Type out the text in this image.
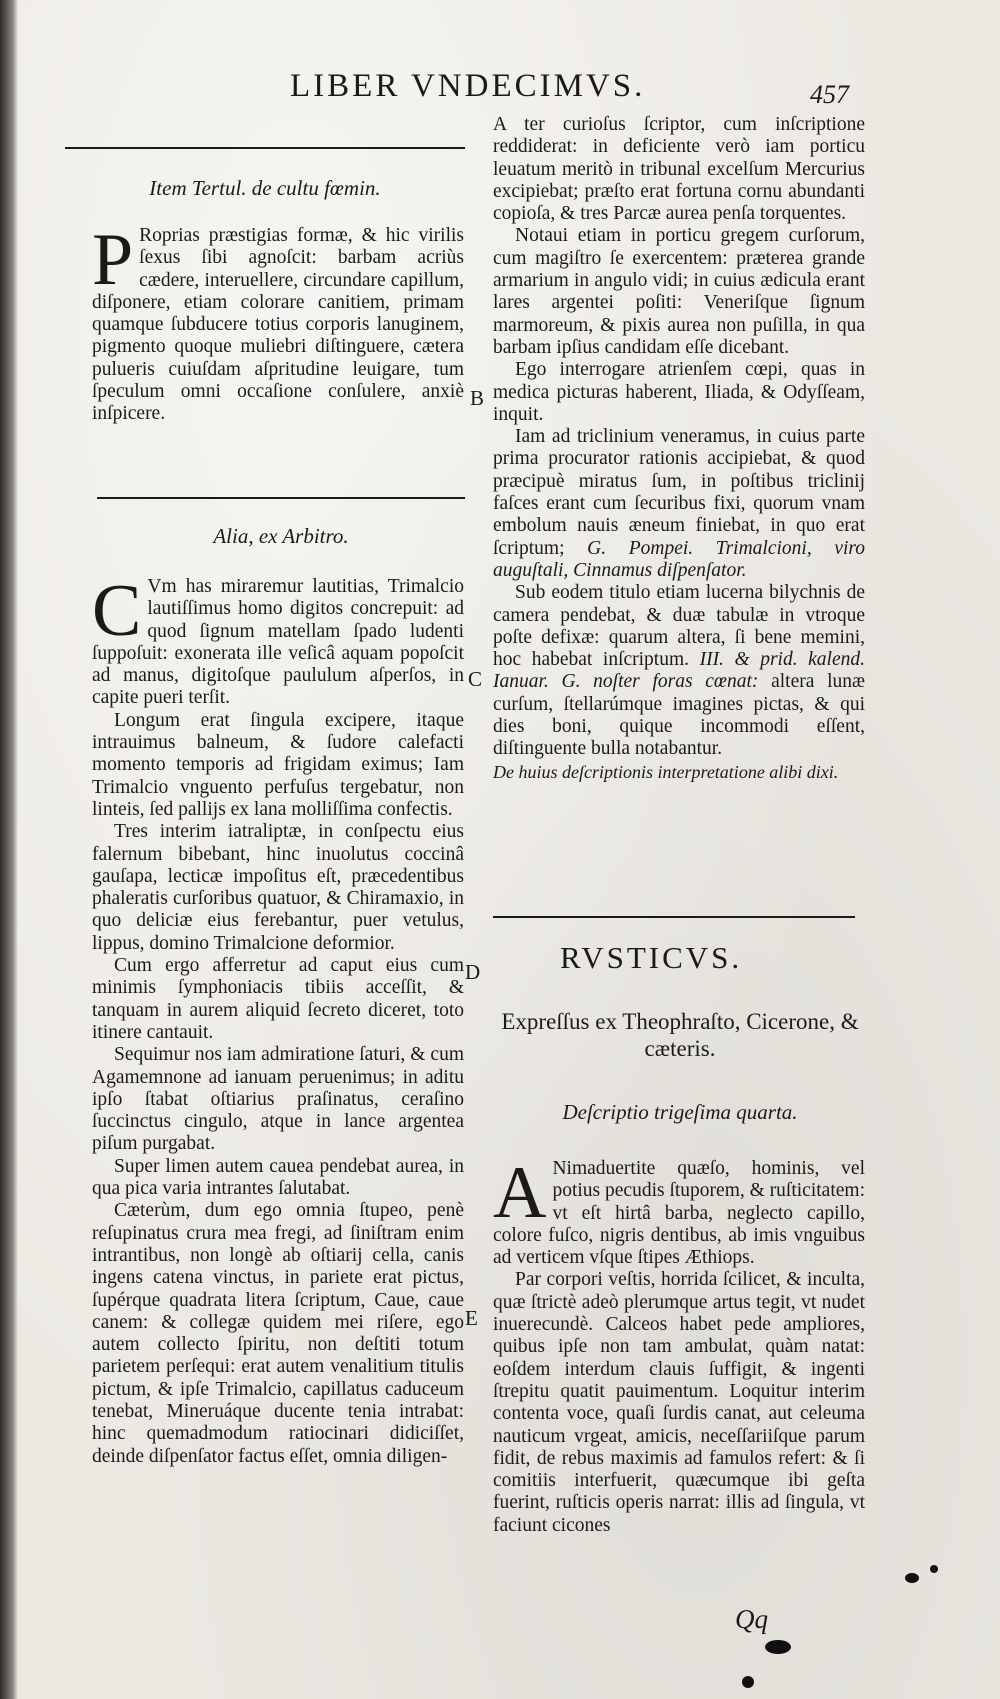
LIBER VNDECIMVS.	457
Item Tertul. de cultu fœmin.

P Roprias præstigias formæ, & hic virilis ſexus ſibi agnoſcit: barbam acriùs cædere, interuellere, circundare capillum, diſponere, etiam colorare canitiem, primam quamque ſubducere totius corporis lanuginem, pigmento quoque muliebri diſtinguere, cætera pulueris cuiuſdam aſpritudine leuigare, tum ſpeculum omni occaſione conſulere, anxiè inſpicere.

Alia, ex Arbitro.

C Vm has miraremur lautitias, Trimalcio lautiſſimus homo digitos concrepuit: ad quod ſignum matellam ſpado ludenti ſuppoſuit: exonerata ille veſicâ aquam popoſcit ad manus, digitoſque paululum aſperſos, in capite pueri terſit.

Longum erat ſingula excipere, itaque intrauimus balneum, & ſudore calefacti momento temporis ad frigidam eximus; Iam Trimalcio vnguento perfuſus tergebatur, non linteis, ſed pallijs ex lana molliſſima confectis.

Tres interim iatraliptæ, in conſpectu eius falernum bibebant, hinc inuolutus coccinâ gauſapa, lecticæ impoſitus eſt, præcedentibus phaleratis curſoribus quatuor, & Chiramaxio, in quo deliciæ eius ferebantur, puer vetulus, lippus, domino Trimalcione deformior.

Cum ergo afferretur ad caput eius cum minimis ſymphoniacis tibiis acceſſit, & tanquam in aurem aliquid ſecreto diceret, toto itinere cantauit.

Sequimur nos iam admiratione ſaturi, & cum Agamemnone ad ianuam peruenimus; in aditu ipſo ſtabat oſtiarius praſinatus, ceraſino ſuccinctus cingulo, atque in lance argentea piſum purgabat.

Super limen autem cauea pendebat aurea, in qua pica varia intrantes ſalutabat.

Cæterùm, dum ego omnia ſtupeo, penè reſupinatus crura mea fregi, ad ſiniſtram enim intrantibus, non longè ab oſtiarij cella, canis ingens catena vinctus, in pariete erat pictus, ſupérque quadrata litera ſcriptum, Caue, caue canem: & collegæ quidem mei riſere, ego autem collecto ſpiritu, non deſtiti totum parietem perſequi: erat autem venalitium titulis pictum, & ipſe Trimalcio, capillatus caduceum tenebat, Mineruáque ducente tenia intrabat: hinc quemadmodum ratiocinari didiciſſet, deinde diſpenſator factus eſſet, omnia diligen-

B
C
D
E

A ter curioſus ſcriptor, cum inſcriptione reddiderat: in deficiente verò iam porticu leuatum meritò in tribunal excelſum Mercurius excipiebat; præſto erat fortuna cornu abundanti copioſa, & tres Parcæ aurea penſa torquentes.

Notaui etiam in porticu gregem curſorum, cum magiſtro ſe exercentem: præterea grande armarium in angulo vidi; in cuius ædicula erant lares argentei poſiti: Veneriſque ſignum marmoreum, & pixis aurea non puſilla, in qua barbam ipſius candidam eſſe dicebant.

Ego interrogare atrienſem cœpi, quas in medica picturas haberent, Iliada, & Odyſſeam, inquit.

Iam ad triclinium veneramus, in cuius parte prima procurator rationis accipiebat, & quod præcipuè miratus ſum, in poſtibus triclinij faſces erant cum ſecuribus fixi, quorum vnam embolum nauis æneum finiebat, in quo erat ſcriptum; G. Pompei. Trimalcioni, viro auguſtali, Cinnamus diſpenſator.

Sub eodem titulo etiam lucerna bilychnis de camera pendebat, & duæ tabulæ in vtroque poſte defixæ: quarum altera, ſi bene memini, hoc habebat inſcriptum. III. & prid. kalend. Ianuar. G. noſter foras cœnat: altera lunæ curſum, ſtellarúmque imagines pictas, & qui dies boni, quique incommodi eſſent, diſtinguente bulla notabantur.

De huius deſcriptionis interpretatione alibi dixi.

RVSTICVS.
Expreſſus ex Theophraſto, Cicerone, & cæteris.
Deſcriptio trigeſima quarta.

A Nimaduertite quæſo, hominis, vel potius pecudis ſtuporem, & ruſticitatem: vt eſt hirtâ barba, neglecto capillo, colore fuſco, nigris dentibus, ab imis vnguibus ad verticem vſque ſtipes Æthiops.

Par corpori veſtis, horrida ſcilicet, & inculta, quæ ſtrictè adeò plerumque artus tegit, vt nudet inuerecundè. Calceos habet pede ampliores, quibus ipſe non tam ambulat, quàm natat: eoſdem interdum clauis ſuffigit, & ingenti ſtrepitu quatit pauimentum. Loquitur interim contenta voce, quaſi ſurdis canat, aut celeuma nauticum vrgeat, amicis, neceſſariiſque parum fidit, de rebus maximis ad famulos refert: & ſi comitiis interfuerit, quæcumque ibi geſta fuerint, ruſticis operis narrat: illis ad ſingula, vt faciunt cicones

Qq
